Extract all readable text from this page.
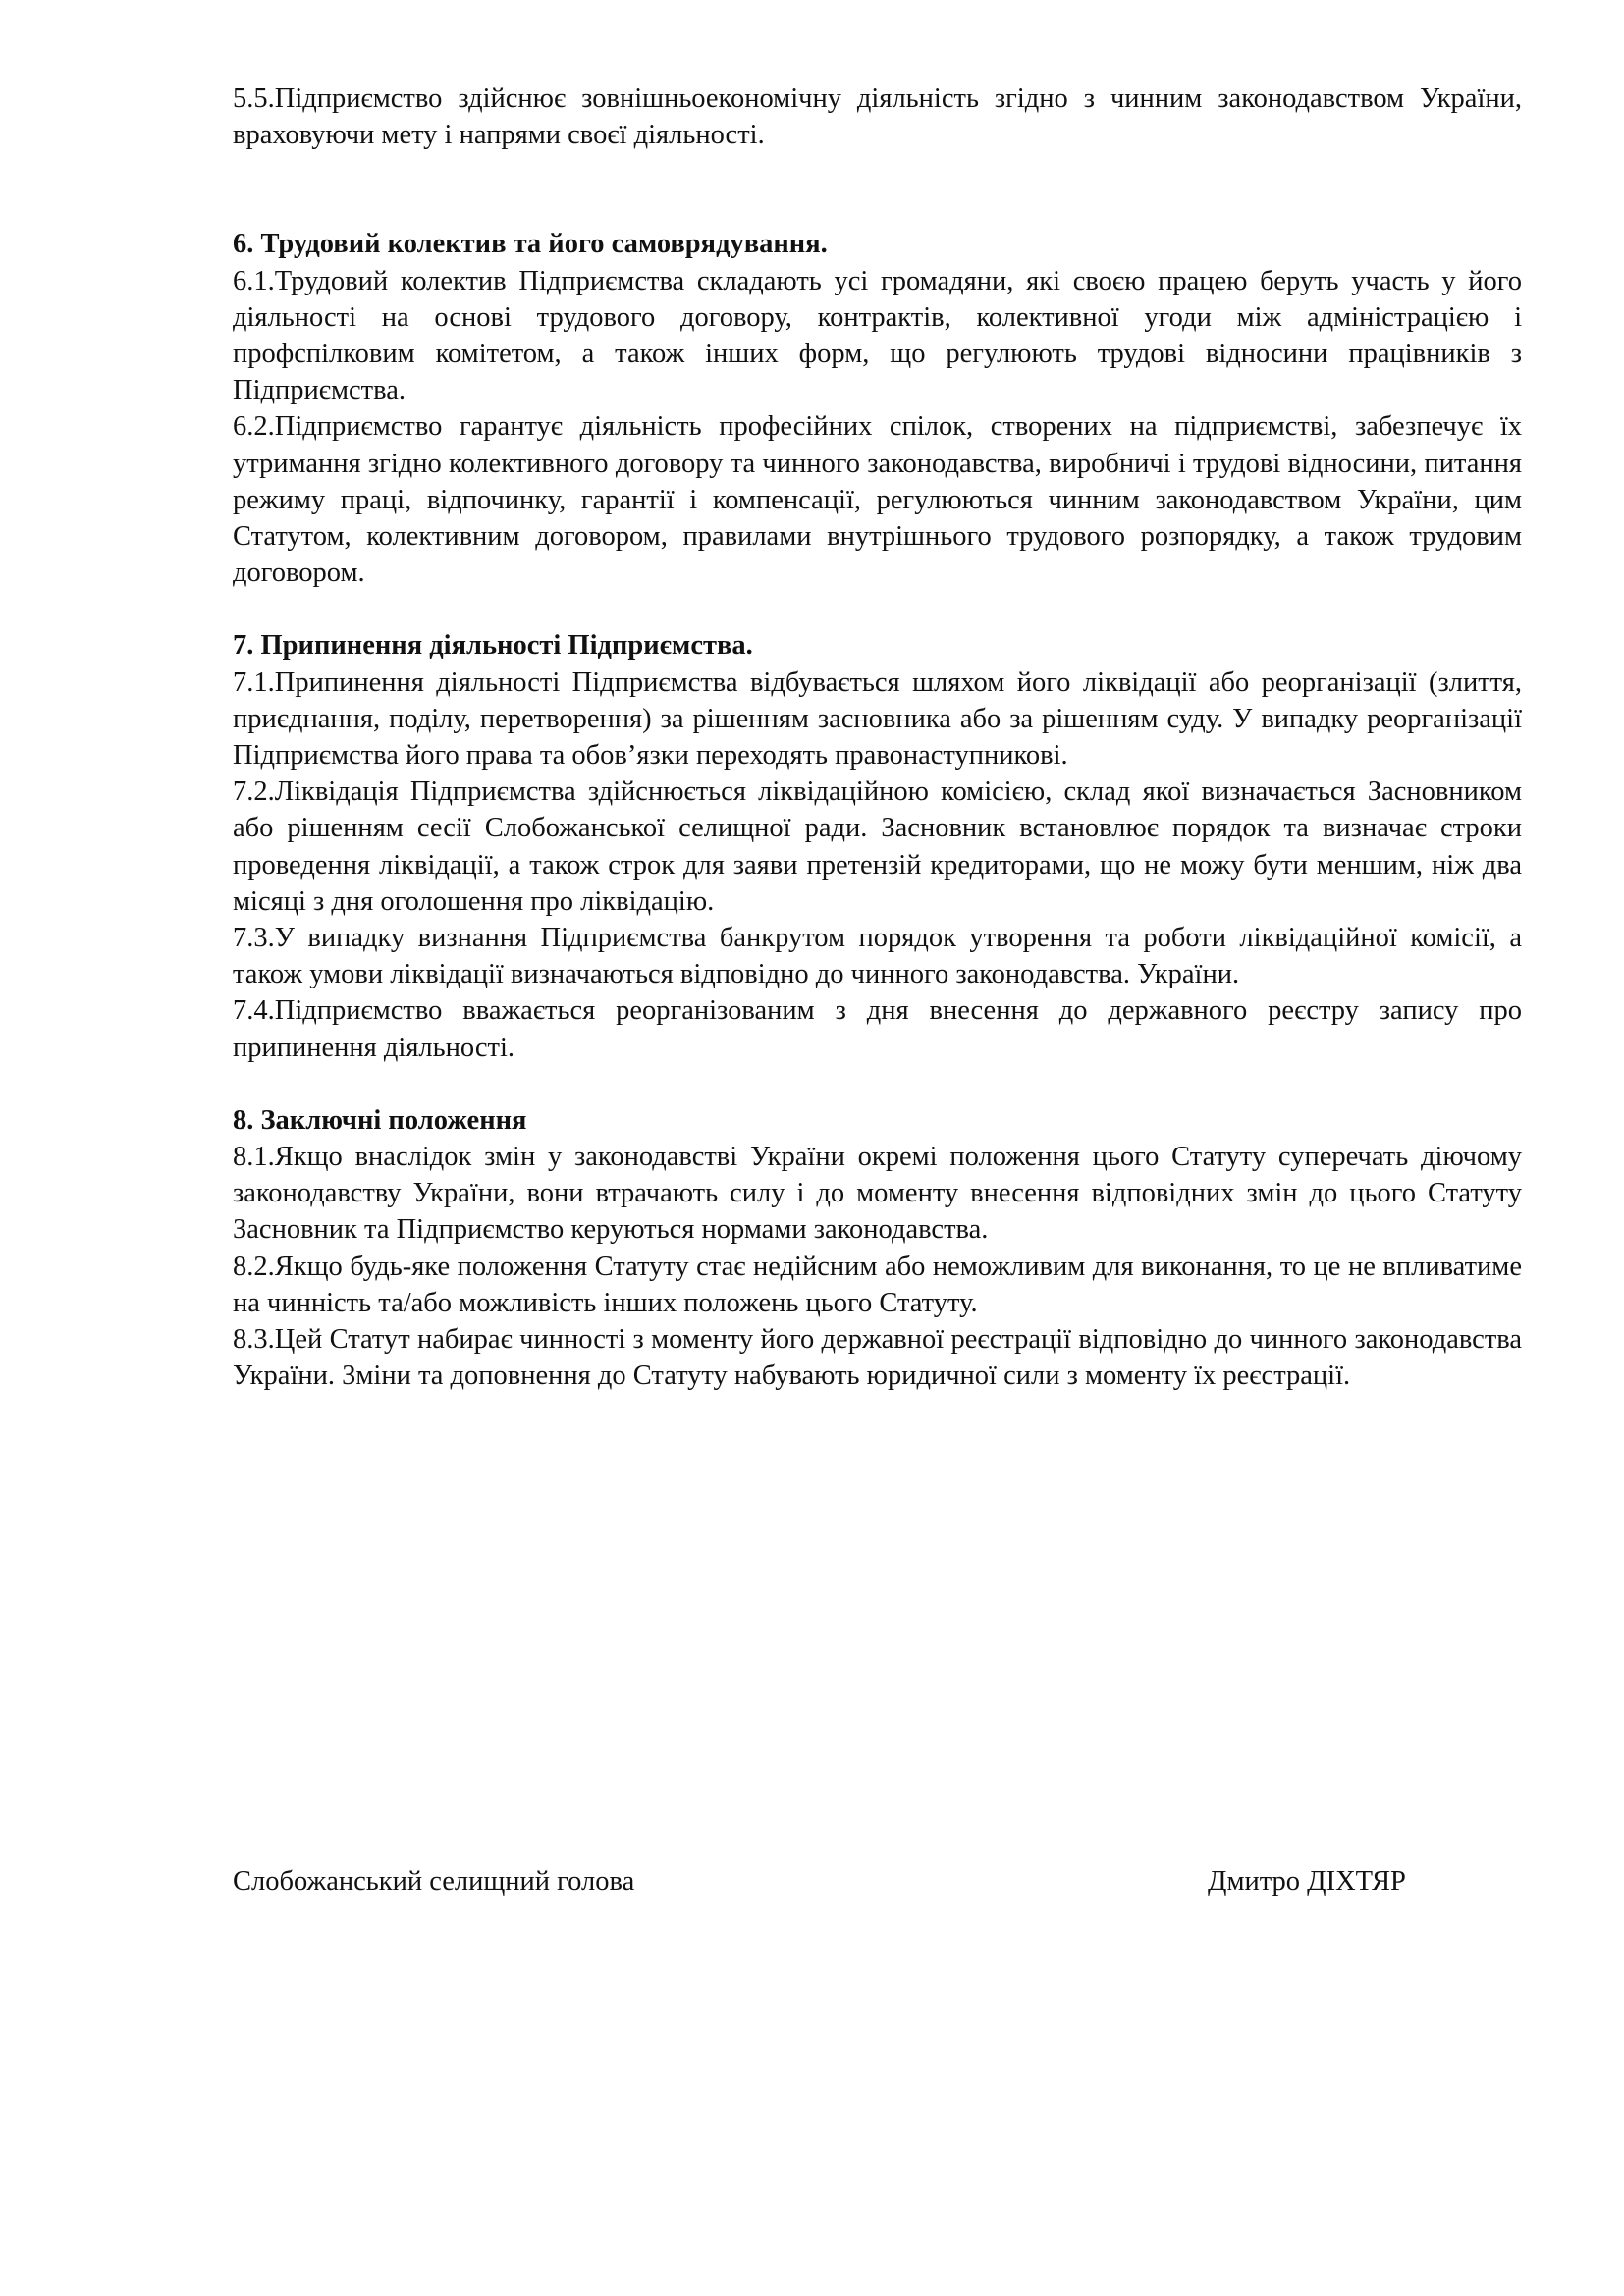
5.5.Підприємство здійснює зовнішньоекономічну діяльність згідно з чинним законодавством України, враховуючи мету і напрями своєї діяльності.

6. Трудовий колектив та його самоврядування.

6.1.Трудовий колектив Підприємства складають усі громадяни, які своєю працею беруть участь у його діяльності на основі трудового договору, контрактів, колективної угоди між адміністрацією і профспілковим комітетом, а також інших форм, що регулюють трудові відносини працівників з Підприємства.

6.2.Підприємство гарантує діяльність професійних спілок, створених на підприємстві, забезпечує їх утримання згідно колективного договору та чинного законодавства, виробничі і трудові відносини, питання режиму праці, відпочинку, гарантії і компенсації, регулюються чинним законодавством України, цим Статутом, колективним договором, правилами внутрішнього трудового розпорядку, а також трудовим договором.

7. Припинення діяльності Підприємства.

7.1.Припинення діяльності Підприємства відбувається шляхом його ліквідації або реорганізації (злиття, приєднання, поділу, перетворення) за рішенням засновника або за рішенням суду. У випадку реорганізації Підприємства його права та обов’язки переходять правонаступникові.

7.2.Ліквідація Підприємства здійснюється ліквідаційною комісією, склад якої визначається Засновником або рішенням сесії Слобожанської селищної ради. Засновник встановлює порядок та визначає строки проведення ліквідації, а також строк для заяви претензій кредиторами, що не можу бути меншим, ніж два місяці з дня оголошення про ліквідацію.

7.3.У випадку визнання Підприємства банкрутом порядок утворення та роботи ліквідаційної комісії, а також умови ліквідації визначаються відповідно до чинного законодавства. України.

7.4.Підприємство вважається реорганізованим з дня внесення до державного реєстру запису про припинення діяльності.

8. Заключні положення

8.1.Якщо внаслідок змін у законодавстві України окремі положення цього Статуту суперечать діючому законодавству України, вони втрачають силу і до моменту внесення відповідних змін до цього Статуту Засновник та Підприємство керуються нормами законодавства.

8.2.Якщо будь-яке положення Статуту стає недійсним або неможливим для виконання, то це не впливатиме на чинність та/або можливість інших положень цього Статуту.

8.3.Цей Статут набирає чинності з моменту його державної реєстрації відповідно до чинного законодавства України. Зміни та доповнення до Статуту набувають юридичної сили з моменту їх реєстрації.

Слобожанський селищний голова	Дмитро ДІХТЯР
